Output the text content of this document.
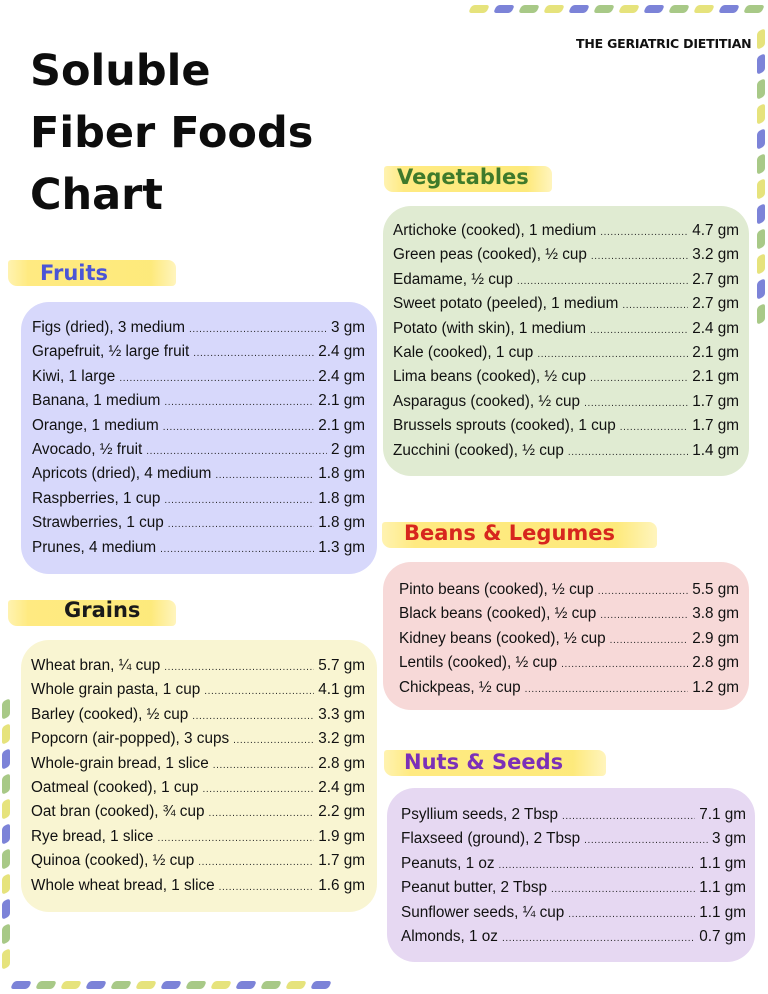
Soluble
Fiber Foods
Chart
THE GERIATRIC DIETITIAN
Fruits
Figs (dried), 3 medium .....	3 gm
Grapefruit, ½ large fruit .....	2.4 gm
Kiwi, 1 large .....	2.4 gm
Banana, 1 medium .....	2.1 gm
Orange, 1 medium .....	2.1 gm
Avocado, ½ fruit .....	2 gm
Apricots (dried), 4 medium .....	1.8 gm
Raspberries, 1 cup .....	1.8 gm
Strawberries, 1 cup .....	1.8 gm
Prunes, 4 medium .....	1.3 gm
Grains
Wheat bran, ¼ cup .....	5.7 gm
Whole grain pasta, 1 cup .....	4.1 gm
Barley (cooked), ½ cup .....	3.3 gm
Popcorn (air-popped), 3 cups .....	3.2 gm
Whole-grain bread, 1 slice .....	2.8 gm
Oatmeal (cooked), 1 cup .....	2.4 gm
Oat bran (cooked), ¾ cup .....	2.2 gm
Rye bread, 1 slice .....	1.9 gm
Quinoa (cooked), ½ cup .....	1.7 gm
Whole wheat bread, 1 slice .....	1.6 gm
Vegetables
Artichoke (cooked), 1 medium .....	4.7 gm
Green peas (cooked), ½ cup .....	3.2 gm
Edamame, ½ cup .....	2.7 gm
Sweet potato (peeled), 1 medium .....	2.7 gm
Potato (with skin), 1 medium .....	2.4 gm
Kale (cooked), 1 cup .....	2.1 gm
Lima beans (cooked), ½ cup .....	2.1 gm
Asparagus (cooked), ½ cup .....	1.7 gm
Brussels sprouts (cooked), 1 cup .....	1.7 gm
Zucchini (cooked), ½ cup .....	1.4 gm
Beans & Legumes
Pinto beans (cooked), ½ cup .....	5.5 gm
Black beans (cooked), ½ cup .....	3.8 gm
Kidney beans (cooked), ½ cup .....	2.9 gm
Lentils (cooked), ½ cup .....	2.8 gm
Chickpeas, ½ cup .....	1.2 gm
Nuts & Seeds
Psyllium seeds, 2 Tbsp .....	7.1 gm
Flaxseed (ground), 2 Tbsp .....	3 gm
Peanuts, 1 oz .....	1.1 gm
Peanut butter, 2 Tbsp .....	1.1 gm
Sunflower seeds, ¼ cup .....	1.1 gm
Almonds, 1 oz .....	0.7 gm
